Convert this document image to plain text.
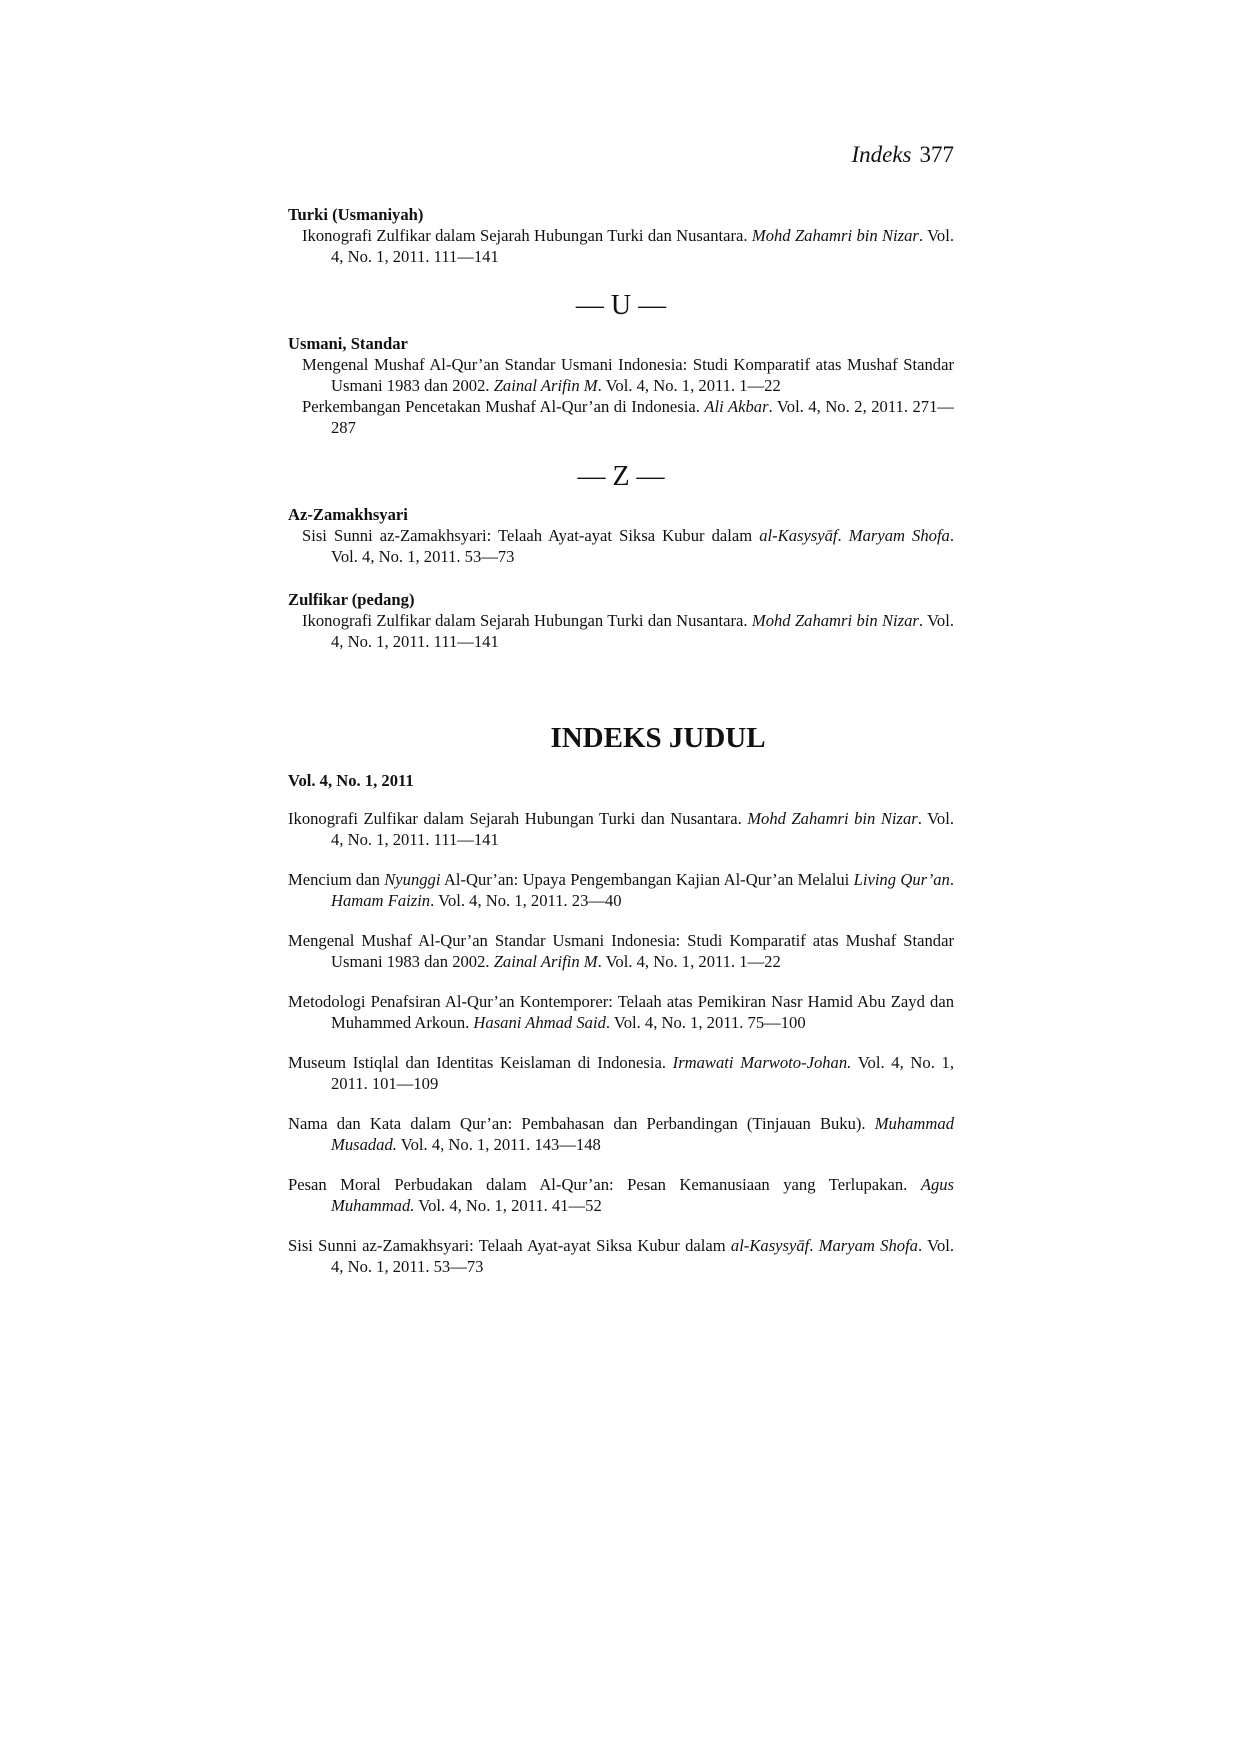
Indeks 377

Turki (Usmaniyah)

Ikonografi Zulfikar dalam Sejarah Hubungan Turki dan Nusantara. Mohd Zahamri bin Nizar. Vol. 4, No. 1, 2011. 111—141

— U —

Usmani, Standar

Mengenal Mushaf Al-Qur’an Standar Usmani Indonesia: Studi Komparatif atas Mushaf Standar Usmani 1983 dan 2002. Zainal Arifin M. Vol. 4, No. 1, 2011. 1—22

Perkembangan Pencetakan Mushaf Al-Qur’an di Indonesia. Ali Akbar. Vol. 4, No. 2, 2011. 271—287

— Z —

Az-Zamakhsyari

Sisi Sunni az-Zamakhsyari: Telaah Ayat-ayat Siksa Kubur dalam al-Kasysyāf. Maryam Shofa. Vol. 4, No. 1, 2011. 53—73

Zulfikar (pedang)

Ikonografi Zulfikar dalam Sejarah Hubungan Turki dan Nusantara. Mohd Zahamri bin Nizar. Vol. 4, No. 1, 2011. 111—141

INDEKS JUDUL

Vol. 4, No. 1, 2011

Ikonografi Zulfikar dalam Sejarah Hubungan Turki dan Nusantara. Mohd Zahamri bin Nizar. Vol. 4, No. 1, 2011. 111—141

Mencium dan Nyunggi Al-Qur’an: Upaya Pengembangan Kajian Al-Qur’an Melalui Living Qur’an. Hamam Faizin. Vol. 4, No. 1, 2011. 23—40

Mengenal Mushaf Al-Qur’an Standar Usmani Indonesia: Studi Komparatif atas Mushaf Standar Usmani 1983 dan 2002. Zainal Arifin M. Vol. 4, No. 1, 2011. 1—22

Metodologi Penafsiran Al-Qur’an Kontemporer: Telaah atas Pemikiran Nasr Hamid Abu Zayd dan Muhammed Arkoun. Hasani Ahmad Said. Vol. 4, No. 1, 2011. 75—100

Museum Istiqlal dan Identitas Keislaman di Indonesia. Irmawati Marwoto-Johan. Vol. 4, No. 1, 2011. 101—109

Nama dan Kata dalam Qur’an: Pembahasan dan Perbandingan (Tinjauan Buku). Muhammad Musadad. Vol. 4, No. 1, 2011. 143—148

Pesan Moral Perbudakan dalam Al-Qur’an: Pesan Kemanusiaan yang Terlupakan. Agus Muhammad. Vol. 4, No. 1, 2011. 41—52

Sisi Sunni az-Zamakhsyari: Telaah Ayat-ayat Siksa Kubur dalam al-Kasysyāf. Maryam Shofa. Vol. 4, No. 1, 2011. 53—73
